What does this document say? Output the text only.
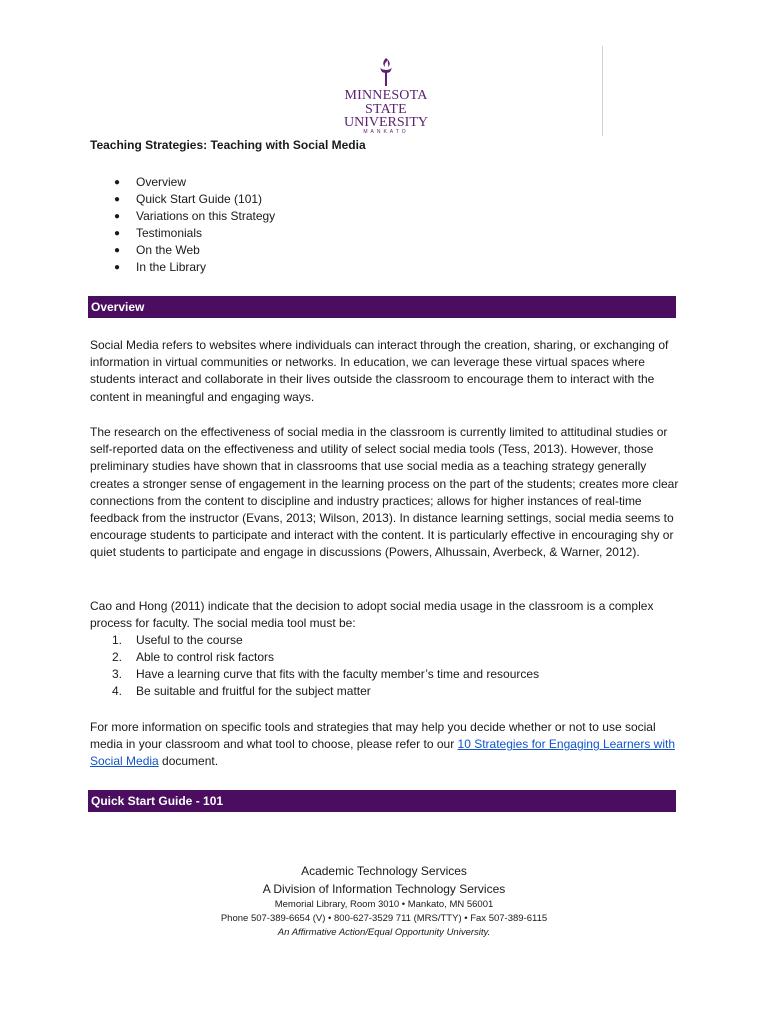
MINNESOTA STATE
UNIVERSITY
MANKATO
Teaching Strategies: Teaching with Social Media
● Overview
● Quick Start Guide (101)
● Variations on this Strategy
● Testimonials
● On the Web
● In the Library
Overview

Social Media refers to websites where individuals can interact through the creation, sharing, or exchanging of information in virtual communities or networks. In education, we can leverage these virtual spaces where students interact and collaborate in their lives outside the classroom to encourage them to interact with the content in meaningful and engaging ways.

The research on the effectiveness of social media in the classroom is currently limited to attitudinal studies or self-reported data on the effectiveness and utility of select social media tools (Tess, 2013). However, those preliminary studies have shown that in classrooms that use social media as a teaching strategy generally creates a stronger sense of engagement in the learning process on the part of the students; creates more clear connections from the content to discipline and industry practices; allows for higher instances of real-time feedback from the instructor (Evans, 2013; Wilson, 2013). In distance learning settings, social media seems to encourage students to participate and interact with the content. It is particularly effective in encouraging shy or quiet students to participate and engage in discussions (Powers, Alhussain, Averbeck, & Warner, 2012).

Cao and Hong (2011) indicate that the decision to adopt social media usage in the classroom is a complex process for faculty. The social media tool must be:

1. Useful to the course
2. Able to control risk factors
3. Have a learning curve that fits with the faculty member’s time and resources
4. Be suitable and fruitful for the subject matter

For more information on specific tools and strategies that may help you decide whether or not to use social media in your classroom and what tool to choose, please refer to our 10 Strategies for Engaging Learners with Social Media document.

Quick Start Guide - 101
Academic Technology Services
A Division of Information Technology Services
Memorial Library, Room 3010 • Mankato, MN 56001
Phone 507-389-6654 (V) • 800-627-3529 711 (MRS/TTY) • Fax 507-389-6115
An Affirmative Action/Equal Opportunity University.
